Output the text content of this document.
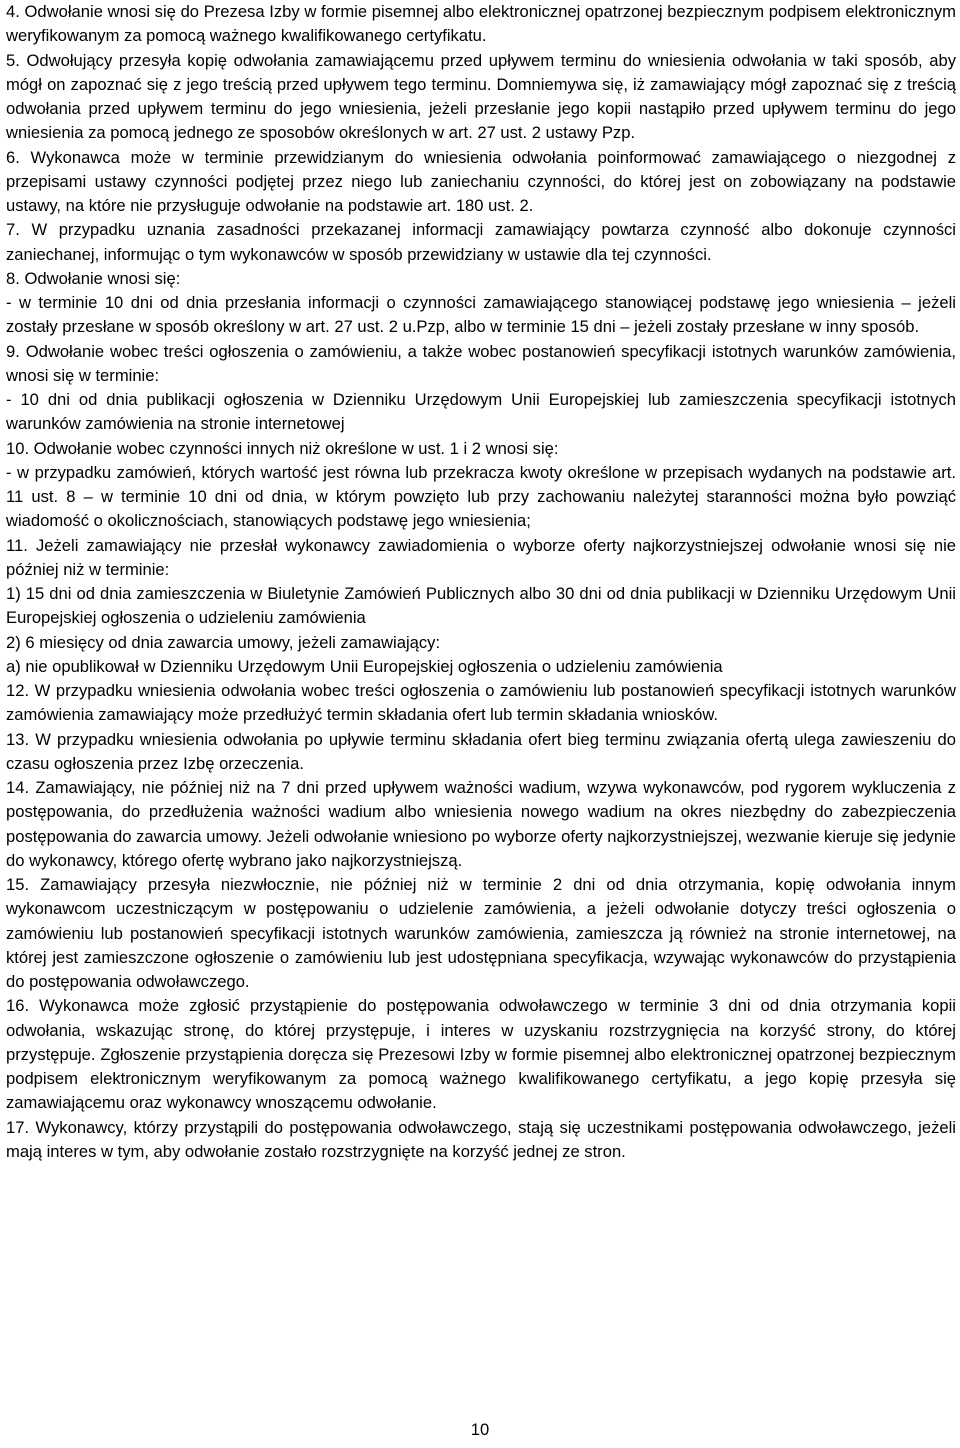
4. Odwołanie wnosi się do Prezesa Izby w formie pisemnej albo elektronicznej opatrzonej bezpiecznym podpisem elektronicznym weryfikowanym za pomocą ważnego kwalifikowanego certyfikatu.

5. Odwołujący przesyła kopię odwołania zamawiającemu przed upływem terminu do wniesienia odwołania w taki sposób, aby mógł on zapoznać się z jego treścią przed upływem tego terminu. Domniemywa się, iż zamawiający mógł zapoznać się z treścią odwołania przed upływem terminu do jego wniesienia, jeżeli przesłanie jego kopii nastąpiło przed upływem terminu do jego wniesienia za pomocą jednego ze sposobów określonych w art. 27 ust. 2 ustawy Pzp.

6. Wykonawca może w terminie przewidzianym do wniesienia odwołania poinformować zamawiającego o niezgodnej z przepisami ustawy czynności podjętej przez niego lub zaniechaniu czynności, do której jest on zobowiązany na podstawie ustawy, na które nie przysługuje odwołanie na podstawie art. 180 ust. 2.

7. W przypadku uznania zasadności przekazanej informacji zamawiający powtarza czynność albo dokonuje czynności zaniechanej, informując o tym wykonawców w sposób przewidziany w ustawie dla tej czynności.

8. Odwołanie wnosi się:

- w terminie 10 dni od dnia przesłania informacji o czynności zamawiającego stanowiącej podstawę jego wniesienia – jeżeli zostały przesłane w sposób określony w art. 27 ust. 2 u.Pzp, albo w terminie 15 dni – jeżeli zostały przesłane w inny sposób.

9. Odwołanie wobec treści ogłoszenia o zamówieniu, a także wobec postanowień specyfikacji istotnych warunków zamówienia, wnosi się w terminie:

- 10 dni od dnia publikacji ogłoszenia w Dzienniku Urzędowym Unii Europejskiej lub zamieszczenia specyfikacji istotnych warunków zamówienia na stronie internetowej

10. Odwołanie wobec czynności innych niż określone w ust. 1 i 2 wnosi się:

- w przypadku zamówień, których wartość jest równa lub przekracza kwoty określone w przepisach wydanych na podstawie art. 11 ust. 8 – w terminie 10 dni od dnia, w którym powzięto lub przy zachowaniu należytej staranności można było powziąć wiadomość o okolicznościach, stanowiących podstawę jego wniesienia;

11. Jeżeli zamawiający nie przesłał wykonawcy zawiadomienia o wyborze oferty najkorzystniejszej odwołanie wnosi się nie później niż w terminie:

1) 15 dni od dnia zamieszczenia w Biuletynie Zamówień Publicznych albo 30 dni od dnia publikacji w Dzienniku Urzędowym Unii Europejskiej ogłoszenia o udzieleniu zamówienia

2) 6 miesięcy od dnia zawarcia umowy, jeżeli zamawiający:

a) nie opublikował w Dzienniku Urzędowym Unii Europejskiej ogłoszenia o udzieleniu zamówienia

12. W przypadku wniesienia odwołania wobec treści ogłoszenia o zamówieniu lub postanowień specyfikacji istotnych warunków zamówienia zamawiający może przedłużyć termin składania ofert lub termin składania wniosków.

13. W przypadku wniesienia odwołania po upływie terminu składania ofert bieg terminu związania ofertą ulega zawieszeniu do czasu ogłoszenia przez Izbę orzeczenia.

14. Zamawiający, nie później niż na 7 dni przed upływem ważności wadium, wzywa wykonawców, pod rygorem wykluczenia z postępowania, do przedłużenia ważności wadium albo wniesienia nowego wadium na okres niezbędny do zabezpieczenia postępowania do zawarcia umowy. Jeżeli odwołanie wniesiono po wyborze oferty najkorzystniejszej, wezwanie kieruje się jedynie do wykonawcy, którego ofertę wybrano jako najkorzystniejszą.

15. Zamawiający przesyła niezwłocznie, nie później niż w terminie 2 dni od dnia otrzymania, kopię odwołania innym wykonawcom uczestniczącym w postępowaniu o udzielenie zamówienia, a jeżeli odwołanie dotyczy treści ogłoszenia o zamówieniu lub postanowień specyfikacji istotnych warunków zamówienia, zamieszcza ją również na stronie internetowej, na której jest zamieszczone ogłoszenie o zamówieniu lub jest udostępniana specyfikacja, wzywając wykonawców do przystąpienia do postępowania odwoławczego.

16. Wykonawca może zgłosić przystąpienie do postępowania odwoławczego w terminie 3 dni od dnia otrzymania kopii odwołania, wskazując stronę, do której przystępuje, i interes w uzyskaniu rozstrzygnięcia na korzyść strony, do której przystępuje. Zgłoszenie przystąpienia doręcza się Prezesowi Izby w formie pisemnej albo elektronicznej opatrzonej bezpiecznym podpisem elektronicznym weryfikowanym za pomocą ważnego kwalifikowanego certyfikatu, a jego kopię przesyła się zamawiającemu oraz wykonawcy wnoszącemu odwołanie.

17. Wykonawcy, którzy przystąpili do postępowania odwoławczego, stają się uczestnikami postępowania odwoławczego, jeżeli mają interes w tym, aby odwołanie zostało rozstrzygnięte na korzyść jednej ze stron.

10
